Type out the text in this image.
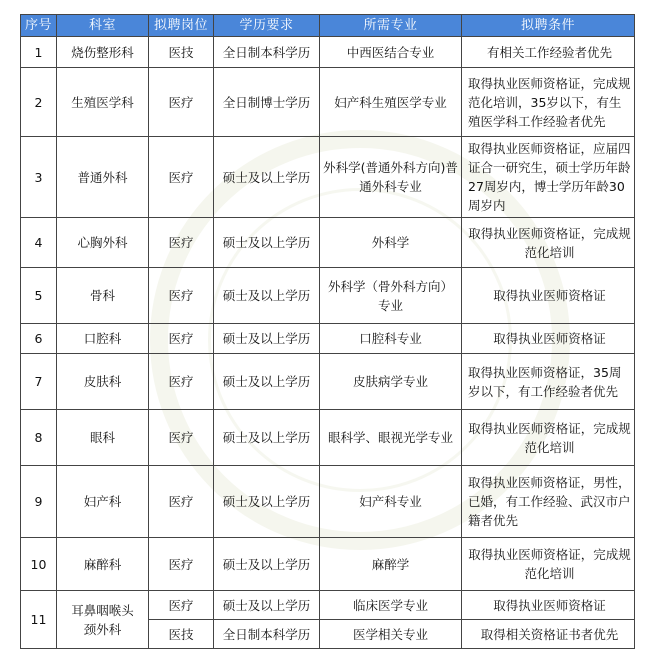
序号	科室	拟聘岗位	学历要求	所需专业	拟聘条件
1	烧伤整形科	医技	全日制本科学历	中西医结合专业	有相关工作经验者优先
2	生殖医学科	医疗	全日制博士学历	妇产科生殖医学专业	取得执业医师资格证，完成规范化培训，35岁以下，有生殖医学科工作经验者优先
3	普通外科	医疗	硕士及以上学历	外科学(普通外科方向)普通外科专业	取得执业医师资格证，应届四证合一研究生，硕士学历年龄27周岁内，博士学历年龄30周岁内
4	心胸外科	医疗	硕士及以上学历	外科学	取得执业医师资格证，完成规范化培训
5	骨科	医疗	硕士及以上学历	外科学（骨外科方向）专业	取得执业医师资格证
6	口腔科	医疗	硕士及以上学历	口腔科专业	取得执业医师资格证
7	皮肤科	医疗	硕士及以上学历	皮肤病学专业	取得执业医师资格证，35周岁以下，有工作经验者优先
8	眼科	医疗	硕士及以上学历	眼科学、眼视光学专业	取得执业医师资格证，完成规范化培训
9	妇产科	医疗	硕士及以上学历	妇产科专业	取得执业医师资格证，男性，已婚，有工作经验、武汉市户籍者优先
10	麻醉科	医疗	硕士及以上学历	麻醉学	取得执业医师资格证，完成规范化培训
11	耳鼻咽喉头颈外科	医疗	硕士及以上学历	临床医学专业	取得执业医师资格证
		医技	全日制本科学历	医学相关专业	取得相关资格证书者优先
